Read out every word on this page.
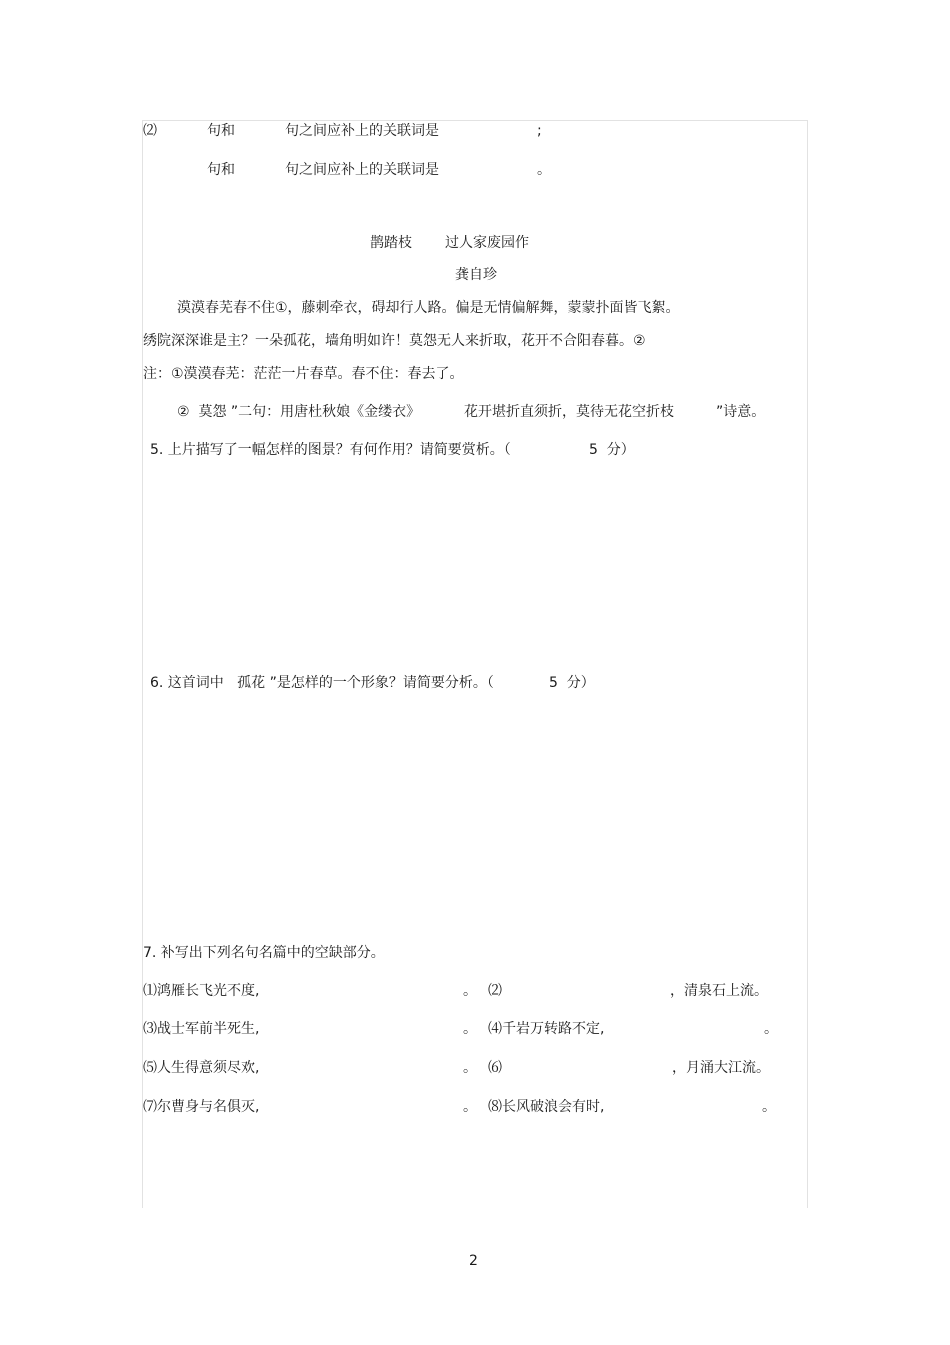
⑵	句和	句之间应补上的关联词是	;
句和	句之间应补上的关联词是	。
鹊踏枝 过人家废园作
龚自珍
漠漠春芜春不住①，藤刺牵衣，碍却行人路。偏是无情偏解舞，蒙蒙扑面皆飞絮。
绣院深深谁是主？一朵孤花，墙角明如许！莫怨无人来折取，花开不合阳春暮。②
注：①漠漠春芜：茫茫一片春草。春不住：春去了。
②  莫怨 ”二句：用唐杜秋娘《金缕衣》	花开堪折直须折，莫待无花空折枝	”诗意。
5. 上片描写了一幅怎样的图景？有何作用？请简要赏析。（	5  分）
6. 这首词中   孤花 ”是怎样的一个形象？请简要分析。（	5  分）
7. 补写出下列名句名篇中的空缺部分。
⑴鸿雁长飞光不度,	。 ⑵	，清泉石上流。
⑶战士军前半死生,	。 ⑷千岩万转路不定,	。
⑸人生得意须尽欢,	。 ⑹	，月涌大江流。
⑺尔曹身与名俱灭,	。 ⑻长风破浪会有时,	。
2
